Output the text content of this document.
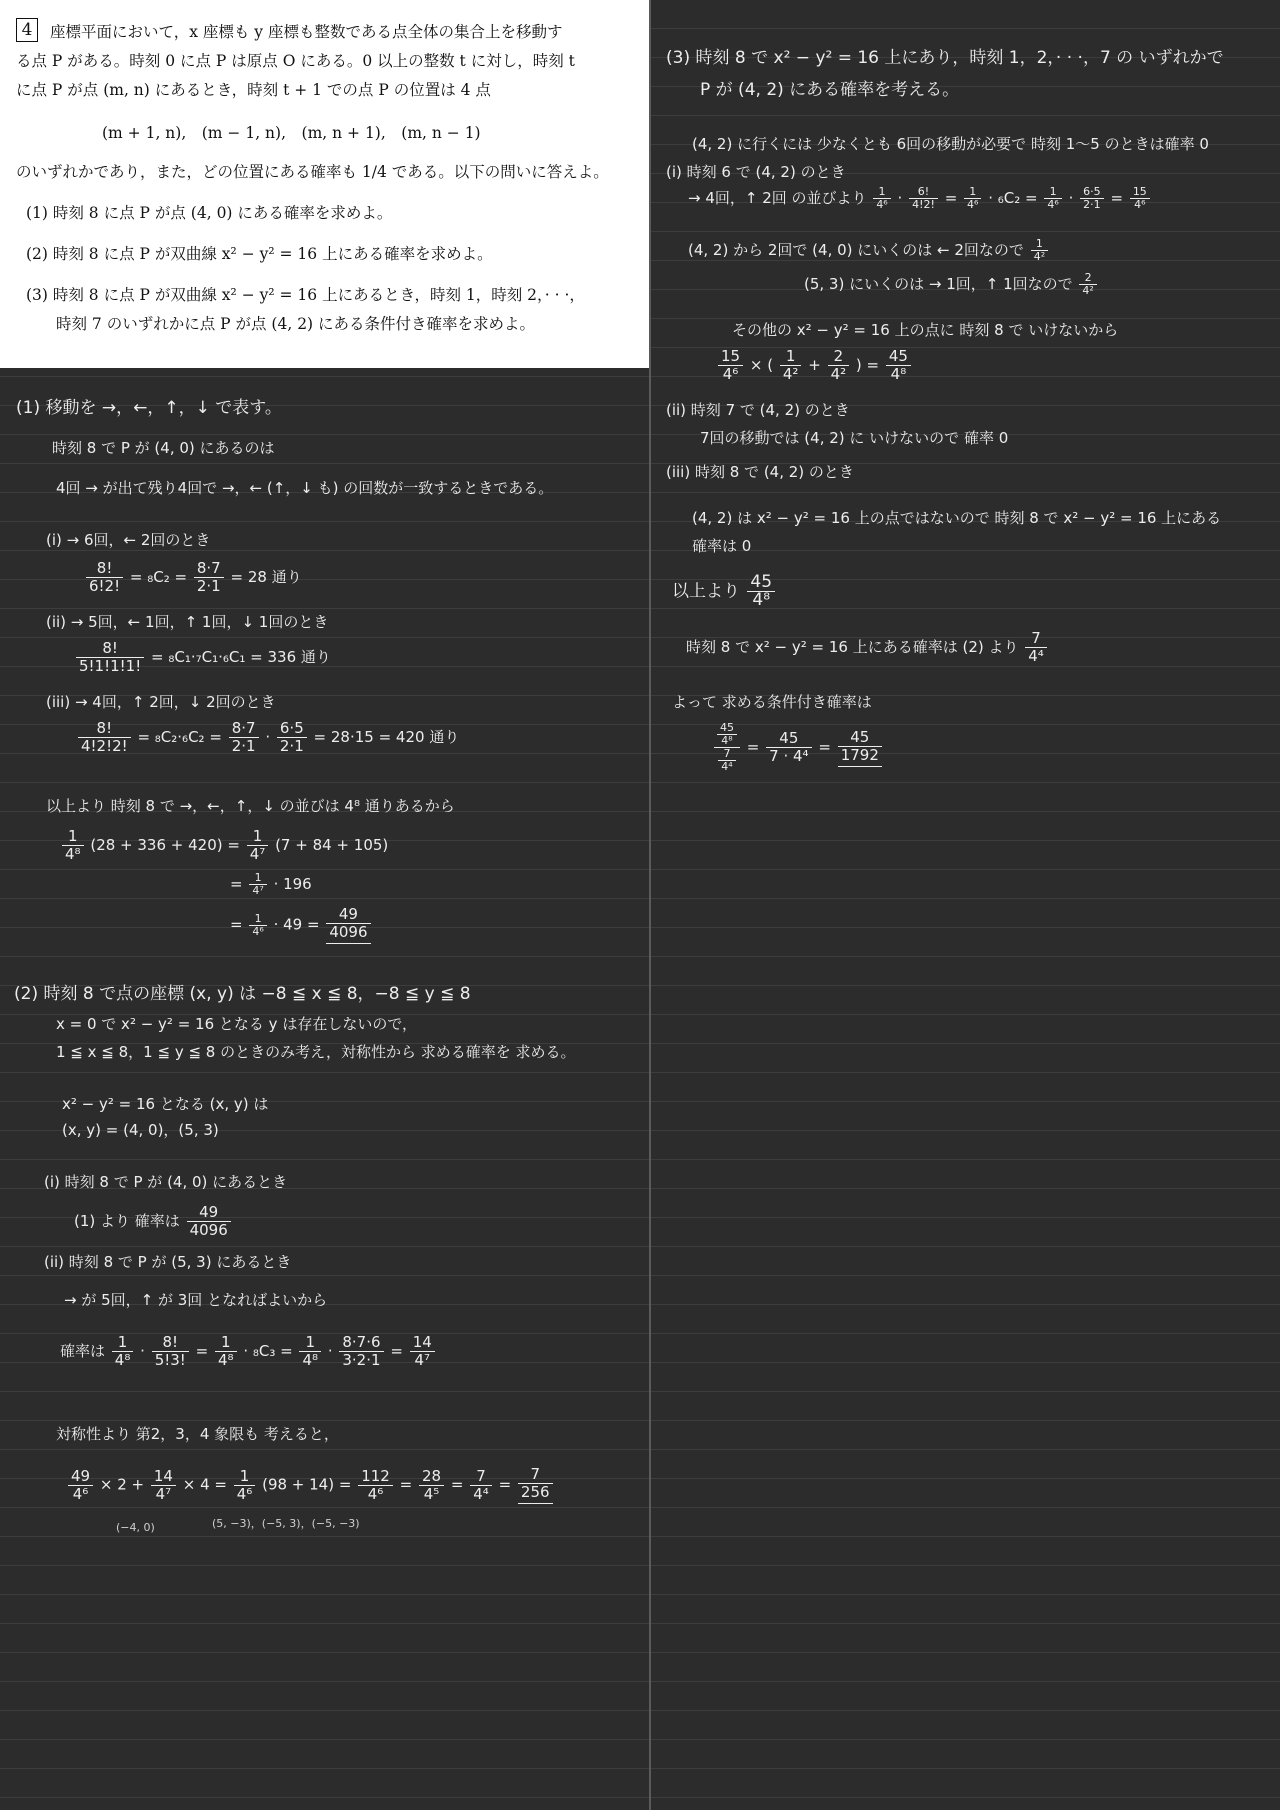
4 座標平面において，x 座標も y 座標も整数である点全体の集合上を移動す
る点 P がある。時刻 0 に点 P は原点 O にある。0 以上の整数 t に対し，時刻 t
に点 P が点 (m, n) にあるとき，時刻 t + 1 での点 P の位置は 4 点
(m + 1, n),　(m − 1, n),　(m, n + 1),　(m, n − 1)
のいずれかであり，また，どの位置にある確率も 1/4 である。以下の問いに答えよ。
(1) 時刻 8 に点 P が点 (4, 0) にある確率を求めよ。
(2) 時刻 8 に点 P が双曲線 x² − y² = 16 上にある確率を求めよ。
(3) 時刻 8 に点 P が双曲線 x² − y² = 16 上にあるとき，時刻 1，時刻 2，· · ·，
時刻 7 のいずれかに点 P が点 (4, 2) にある条件付き確率を求めよ。
(1) 移動を →，←，↑，↓ で表す。
時刻 8 で P が (4, 0) にあるのは
4回 → が出て残り4回で →，← (↑，↓ も) の回数が一致するときである。
(i) → 6回，← 2回のとき
$\frac{8!}{6!2!} = _8C_2 = \frac{8\cdot 7}{2\cdot 1} = 28$ 通り
(ii) → 5回，← 1回，↑ 1回，↓ 1回のとき
$\frac{8!}{5!1!1!1!} = _8C_1\cdot_7C_1\cdot_6C_1 = 336$ 通り
(iii) → 4回，↑ 2回，↓ 2回のとき
$\frac{8!}{4!2!2!} = _8C_2\cdot_6C_2 = \frac{8\cdot 7}{2\cdot 1} \cdot \frac{6\cdot 5}{2\cdot 1} = 28\cdot 15 = 420$ 通り
以上より 時刻 8 で →，←，↑，↓ の並びは 4⁸ 通りあるから
$\frac{1}{\text{4⁸}} (28 + 336 + 420) = \frac{1}{\text{4⁷}} (7 + 84 + 105)$
= $\frac{1}{\text{4⁷}} \cdot 196$
= $\frac{1}{\text{4⁶}} \cdot 49 = \frac{49}{4096}$
(2) 時刻 8 で点の座標 (x, y) は −8 ≦ x ≦ 8，−8 ≦ y ≦ 8
x = 0 で x² − y² = 16 となる y は存在しないので，
1 ≦ x ≦ 8，1 ≦ y ≦ 8 のときのみ考え，対称性から 求める確率を 求める。
x² − y² = 16 となる (x, y) は
(x, y) = (4, 0)，(5, 3)
(i) 時刻 8 で P が (4, 0) にあるとき
(1) より 確率は $\frac{49}{4096}$
(ii) 時刻 8 で P が (5, 3) にあるとき
→ が 5回，↑ が 3回 となればよいから
確率は $\frac{1}{\text{4⁸}} \cdot \frac{8!}{5!3!} = \frac{1}{\text{4⁸}} \cdot _8C_3 = \frac{1}{\text{4⁸}} \cdot \frac{8\cdot 7\cdot 6}{3\cdot 2\cdot 1} = \frac{14}{\text{4⁷}}$
対称性より 第2，3，4 象限も 考えると，
$\frac{49}{\text{4⁶}} \times 2 + \frac{14}{\text{4⁷}} \times 4 = \frac{1}{\text{4⁶}} (98 + 14) = \frac{112}{\text{4⁶}} = \frac{28}{\text{4⁵}} = \frac{7}{\text{4⁴}} = \frac{7}{256}$
(−4, 0)	(5, −3)，(−5, 3)，(−5, −3)
(3) 時刻 8 で x² − y² = 16 上にあり，時刻 1，2，· · ·，7 の いずれかで
P が (4, 2) にある確率を考える。
(4, 2) に行くには 少なくとも 6回の移動が必要で 時刻 1〜5 のときは確率 0
(i) 時刻 6 で (4, 2) のとき
→ 4回，↑ 2回 の並びより $\frac{1}{\text{4⁶}} \cdot \frac{6!}{4!2!} = \frac{1}{\text{4⁶}} \cdot _6C_2 = \frac{1}{\text{4⁶}} \cdot \frac{6\cdot 5}{2\cdot 1} = \frac{15}{\text{4⁶}}$
(4, 2) から 2回で (4, 0) にいくのは ← 2回なので $\frac{1}{\text{4²}}$
(5, 3) にいくのは → 1回，↑ 1回なので $\frac{2}{\text{4²}}$
その他の x² − y² = 16 上の点に 時刻 8 で いけないから
$\frac{15}{\text{4⁶}}$ × ( $\frac{1}{\text{4²}} + \frac{2}{\text{4²}}$ ) = $\frac{45}{\text{4⁸}}$
(ii) 時刻 7 で (4, 2) のとき
7回の移動では (4, 2) に いけないので 確率 0
(iii) 時刻 8 で (4, 2) のとき
(4, 2) は x² − y² = 16 上の点ではないので 時刻 8 で x² − y² = 16 上にある
確率は 0
以上より $\frac{45}{\text{4⁸}}$
時刻 8 で x² − y² = 16 上にある確率は (2) より $\frac{7}{\text{4⁴}}$
よって 求める条件付き確率は
$\frac{\frac{45}{\text{4⁸}}}{\frac{7}{\text{4⁴}}} = \frac{45}{\text{7 · 4⁴}} = \frac{45}{1792}$
